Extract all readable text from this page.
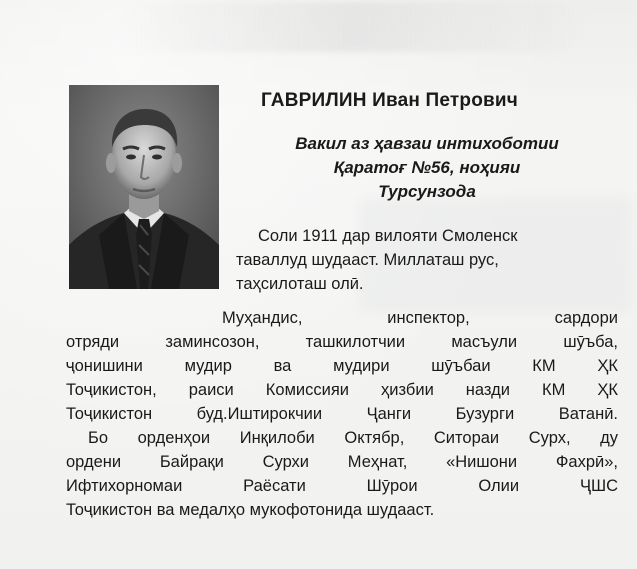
ГАВРИЛИН Иван Петрович
Вакил аз ҳавзаи интихоботии
Қаратоғ №56, ноҳияи
Турсунзода
Соли 1911 дар вилояти Смоленск
таваллуд шудааст. Миллаташ рус,
таҳсилоташ олӣ.
Муҳандис, инспектор, сардори
отряди заминсозон, ташкилотчии масъули шӯъба,
ҷонишини мудир ва мудири шӯъбаи КМ ҲК
Тоҷикистон, раиси Комиссияи ҳизбии назди КМ ҲК
Тоҷикистон буд.Иштирокчии Ҷанги Бузурги Ватанӣ.
Бо орденҳои Инқилоби Октябр, Ситораи Сурх, ду
ордени Байрақи Сурхи Меҳнат, «Нишони Фахрӣ»,
Ифтихорномаи Раёсати Шӯрои Олии ҶШС
Тоҷикистон ва медалҳо мукофотонида шудааст.
